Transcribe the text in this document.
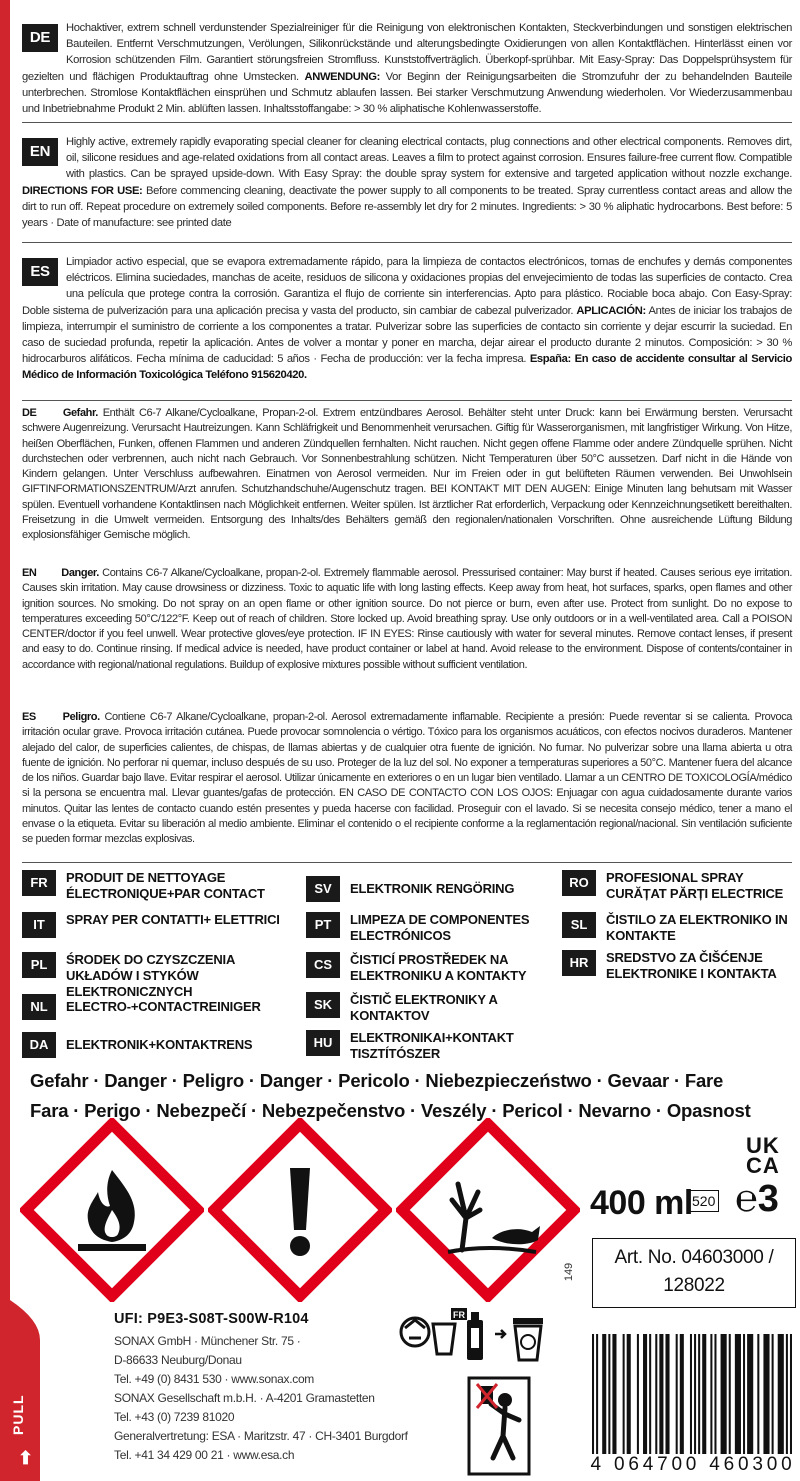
PULL
⬆
DE
Hochaktiver, extrem schnell verdunstender Spezialreiniger für die Reinigung von elektronischen Kontakten, Steckverbindungen und sonstigen elektrischen Bauteilen. Entfernt Verschmutzungen, Verölungen, Silikonrückstände und alterungsbedingte Oxidierungen von allen Kontaktflächen. Hinterlässt einen vor Korrosion schützenden Film. Garantiert störungsfreien Stromfluss. Kunststoffverträglich. Überkopf-sprühbar. Mit Easy-Spray: Das Doppelsprühsystem für gezielten und flächigen Produktauftrag ohne Umstecken. ANWENDUNG: Vor Beginn der Reinigungsarbeiten die Stromzufuhr der zu behandelnden Bauteile unterbrechen. Stromlose Kontaktflächen einsprühen und Schmutz ablaufen lassen. Bei starker Verschmutzung Anwendung wiederholen. Vor Wiederzusammenbau und Inbetriebnahme Produkt 2 Min. ablüften lassen. Inhaltsstoffangabe: > 30 % aliphatische Kohlenwasserstoffe.
EN
Highly active, extremely rapidly evaporating special cleaner for cleaning electrical contacts, plug connections and other electrical components. Removes dirt, oil, silicone residues and age-related oxidations from all contact areas. Leaves a film to protect against corrosion. Ensures failure-free current flow. Compatible with plastics. Can be sprayed upside-down. With Easy Spray: the double spray system for extensive and targeted application without nozzle exchange. DIRECTIONS FOR USE: Before commencing cleaning, deactivate the power supply to all components to be treated. Spray currentless contact areas and allow the dirt to run off. Repeat procedure on extremely soiled components. Before re-assembly let dry for 2 minutes. Ingredients: > 30 % aliphatic hydrocarbons. Best before: 5 years · Date of manufacture: see printed date
ES
Limpiador activo especial, que se evapora extremadamente rápido, para la limpieza de contactos electrónicos, tomas de enchufes y demás componentes eléctricos. Elimina suciedades, manchas de aceite, residuos de silicona y oxidaciones propias del envejecimiento de todas las superficies de contacto. Crea una película que protege contra la corrosión. Garantiza el flujo de corriente sin interferencias. Apto para plástico. Rociable boca abajo. Con Easy-Spray: Doble sistema de pulverización para una aplicación precisa y vasta del producto, sin cambiar de cabezal pulverizador. APLICACIÓN: Antes de iniciar los trabajos de limpieza, interrumpir el suministro de corriente a los componentes a tratar. Pulverizar sobre las superficies de contacto sin corriente y dejar escurrir la suciedad. En caso de suciedad profunda, repetir la aplicación. Antes de volver a montar y poner en marcha, dejar airear el producto durante 2 minutos. Composición: > 30 % hidrocarburos alifáticos. Fecha mínima de caducidad: 5 años · Fecha de producción: ver la fecha impresa. España: En caso de accidente consultar al Servicio Médico de Información Toxicológica Teléfono 915620420.
DE Gefahr. Enthält C6-7 Alkane/Cycloalkane, Propan-2-ol. Extrem entzündbares Aerosol. Behälter steht unter Druck: kann bei Erwärmung bersten. Verursacht schwere Augenreizung. Verursacht Hautreizungen. Kann Schläfrigkeit und Benommenheit verursachen. Giftig für Wasserorganismen, mit langfristiger Wirkung. Von Hitze, heißen Oberflächen, Funken, offenen Flammen und anderen Zündquellen fernhalten. Nicht rauchen. Nicht gegen offene Flamme oder andere Zündquelle sprühen. Nicht durchstechen oder verbrennen, auch nicht nach Gebrauch. Vor Sonnenbestrahlung schützen. Nicht Temperaturen über 50°C aussetzen. Darf nicht in die Hände von Kindern gelangen. Unter Verschluss aufbewahren. Einatmen von Aerosol vermeiden. Nur im Freien oder in gut belüfteten Räumen verwenden. Bei Unwohlsein GIFTINFORMATIONSZENTRUM/Arzt anrufen. Schutzhandschuhe/Augenschutz tragen. BEI KONTAKT MIT DEN AUGEN: Einige Minuten lang behutsam mit Wasser spülen. Eventuell vorhandene Kontaktlinsen nach Möglichkeit entfernen. Weiter spülen. Ist ärztlicher Rat erforderlich, Verpackung oder Kennzeichnungsetikett bereithalten. Freisetzung in die Umwelt vermeiden. Entsorgung des Inhalts/des Behälters gemäß den regionalen/nationalen Vorschriften. Ohne ausreichende Lüftung Bildung explosionsfähiger Gemische möglich.
EN Danger. Contains C6-7 Alkane/Cycloalkane, propan-2-ol. Extremely flammable aerosol. Pressurised container: May burst if heated. Causes serious eye irritation. Causes skin irritation. May cause drowsiness or dizziness. Toxic to aquatic life with long lasting effects. Keep away from heat, hot surfaces, sparks, open flames and other ignition sources. No smoking. Do not spray on an open flame or other ignition source. Do not pierce or burn, even after use. Protect from sunlight. Do no expose to temperatures exceeding 50°C/122°F. Keep out of reach of children. Store locked up. Avoid breathing spray. Use only outdoors or in a well-ventilated area. Call a POISON CENTER/doctor if you feel unwell. Wear protective gloves/eye protection. IF IN EYES: Rinse cautiously with water for several minutes. Remove contact lenses, if present and easy to do. Continue rinsing. If medical advice is needed, have product container or label at hand. Avoid release to the environment. Dispose of contents/container in accordance with regional/national regulations. Buildup of explosive mixtures possible without sufficient ventilation.
ES Peligro. Contiene C6-7 Alkane/Cycloalkane, propan-2-ol. Aerosol extremadamente inflamable. Recipiente a presión: Puede reventar si se calienta. Provoca irritación ocular grave. Provoca irritación cutánea. Puede provocar somnolencia o vértigo. Tóxico para los organismos acuáticos, con efectos nocivos duraderos. Mantener alejado del calor, de superficies calientes, de chispas, de llamas abiertas y de cualquier otra fuente de ignición. No fumar. No pulverizar sobre una llama abierta u otra fuente de ignición. No perforar ni quemar, incluso después de su uso. Proteger de la luz del sol. No exponer a temperaturas superiores a 50°C. Mantener fuera del alcance de los niños. Guardar bajo llave. Evitar respirar el aerosol. Utilizar únicamente en exteriores o en un lugar bien ventilado. Llamar a un CENTRO DE TOXICOLOGÍA/médico si la persona se encuentra mal. Llevar guantes/gafas de protección. EN CASO DE CONTACTO CON LOS OJOS: Enjuagar con agua cuidadosamente durante varios minutos. Quitar las lentes de contacto cuando estén presentes y pueda hacerse con facilidad. Proseguir con el lavado. Si se necesita consejo médico, tener a mano el envase o la etiqueta. Evitar su liberación al medio ambiente. Eliminar el contenido o el recipiente conforme a la reglamentación regional/nacional. Sin ventilación suficiente se pueden formar mezclas explosivas.
FR	PRODUIT DE NETTOYAGE ÉLECTRONIQUE+PAR CONTACT
IT	SPRAY PER CONTATTI+ ELETTRICI
PL	ŚRODEK DO CZYSZCZENIA UKŁADÓW I STYKÓW ELEKTRONICZNYCH
NL	ELECTRO-+CONTACTREINIGER
DA	ELEKTRONIK+KONTAKTRENS
SV	ELEKTRONIK RENGÖRING
PT	LIMPEZA DE COMPONENTES ELECTRÓNICOS
CS	ČISTICÍ PROSTŘEDEK NA ELEKTRONIKU A KONTAKTY
SK	ČISTIČ ELEKTRONIKY A KONTAKTOV
HU	ELEKTRONIKAI+KONTAKT TISZTÍTÓSZER
RO	PROFESIONAL SPRAY CURĂȚAT PĂRȚI ELECTRICE
SL	ČISTILO ZA ELEKTRONIKO IN KONTAKTE
HR	SREDSTVO ZA ČIŠĆENJE ELEKTRONIKE I KONTAKTA
Gefahr · Danger · Peligro · Danger · Pericolo · Niebezpieczeństwo · Gevaar · Fare
Fara · Perigo · Nebezpečí · Nebezpečenstvo · Veszély · Pericol · Nevarno · Opasnost
UK
CA
400 ml 520 ℮3
Art. No. 04603000 /
128022
149
UFI: P9E3-S08T-S00W-R104
SONAX GmbH · Münchener Str. 75 ·
D-86633 Neuburg/Donau
Tel. +49 (0) 8431 530 · www.sonax.com
SONAX Gesellschaft m.b.H. · A-4201 Gramastetten
Tel. +43 (0) 7239 81020
Generalvertretung: ESA · Maritzstr. 47 · CH-3401 Burgdorf
Tel. +41 34 429 00 21 · www.esa.ch
FR
4 064700 460300
